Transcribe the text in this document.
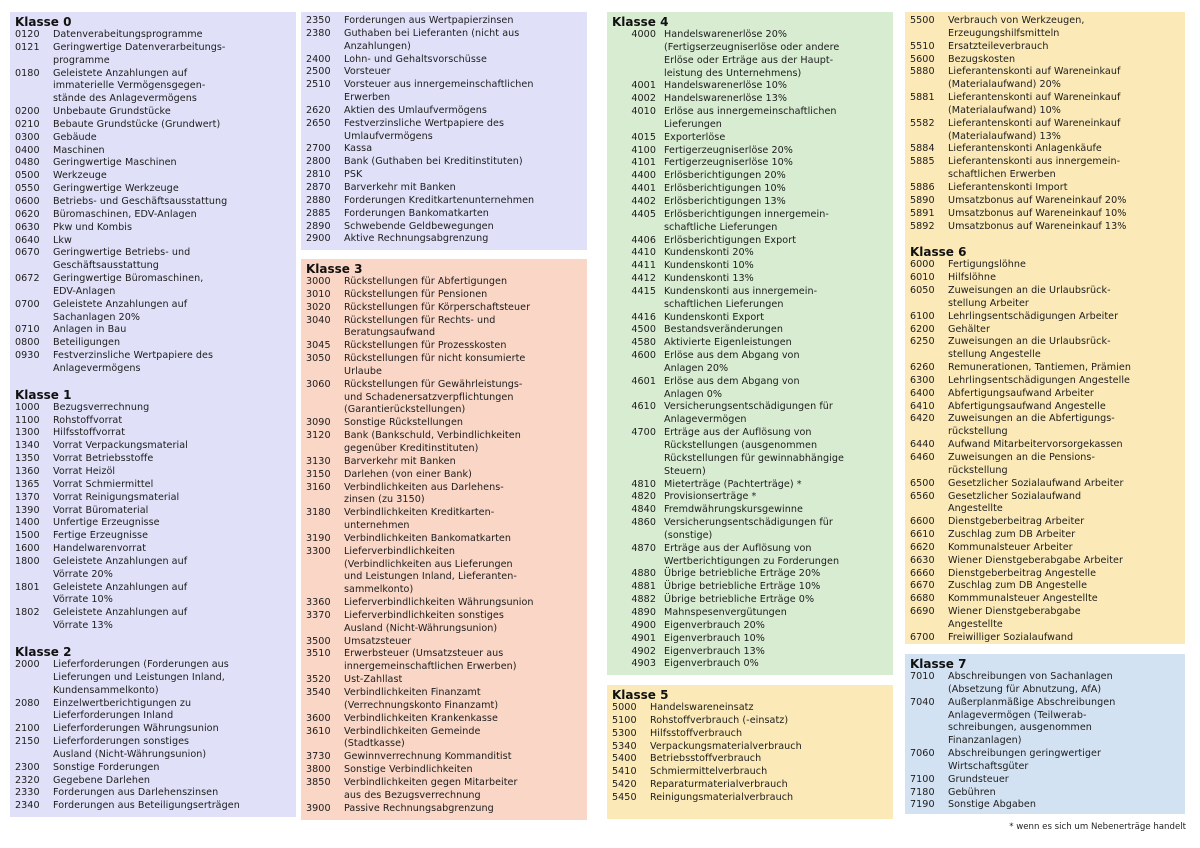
Klasse 0
0120	Datenverabeitungsprogramme
0121	Geringwertige Datenverarbeitungs-
programme
0180	Geleistete Anzahlungen auf
immaterielle Vermögensgegen-
stände des Anlagevermögens
0200	Unbebaute Grundstücke
0210	Bebaute Grundstücke (Grundwert)
0300	Gebäude
0400	Maschinen
0480	Geringwertige Maschinen
0500	Werkzeuge
0550	Geringwertige Werkzeuge
0600	Betriebs- und Geschäftsausstattung
0620	Büromaschinen, EDV-Anlagen
0630	Pkw und Kombis
0640	Lkw
0670	Geringwertige Betriebs- und
Geschäftsausstattung
0672	Geringwertige Büromaschinen,
EDV-Anlagen
0700	Geleistete Anzahlungen auf
Sachanlagen 20%
0710	Anlagen in Bau
0800	Beteiligungen
0930	Festverzinsliche Wertpapiere des
Anlagevermögens
Klasse 1
1000	Bezugsverrechnung
1100	Rohstoffvorrat
1300	Hilfsstoffvorrat
1340	Vorrat Verpackungsmaterial
1350	Vorrat Betriebsstoffe
1360	Vorrat Heizöl
1365	Vorrat Schmiermittel
1370	Vorrat Reinigungsmaterial
1390	Vorrat Büromaterial
1400	Unfertige Erzeugnisse
1500	Fertige Erzeugnisse
1600	Handelwarenvorrat
1800	Geleistete Anzahlungen auf
Vörrate 20%
1801	Geleistete Anzahlungen auf
Vörrate 10%
1802	Geleistete Anzahlungen auf
Vörrate 13%
Klasse 2
2000	Lieferforderungen (Forderungen aus
Lieferungen und Leistungen Inland,
Kundensammelkonto)
2080	Einzelwertberichtigungen zu
Lieferforderungen Inland
2100	Lieferforderungen Währungsunion
2150	Lieferforderungen sonstiges
Ausland (Nicht-Währungsunion)
2300	Sonstige Forderungen
2320	Gegebene Darlehen
2330	Forderungen aus Darlehenszinsen
2340	Forderungen aus Beteiligungserträgen
2350	Forderungen aus Wertpapierzinsen
2380	Guthaben bei Lieferanten (nicht aus
Anzahlungen)
2400	Lohn- und Gehaltsvorschüsse
2500	Vorsteuer
2510	Vorsteuer aus innergemeinschaftlichen
Erwerben
2620	Aktien des Umlaufvermögens
2650	Festverzinsliche Wertpapiere des
Umlaufvermögens
2700	Kassa
2800	Bank (Guthaben bei Kreditinstituten)
2810	PSK
2870	Barverkehr mit Banken
2880	Forderungen Kreditkartenunternehmen
2885	Forderungen Bankomatkarten
2890	Schwebende Geldbewegungen
2900	Aktive Rechnungsabgrenzung
Klasse 3
3000	Rückstellungen für Abfertigungen
3010	Rückstellungen für Pensionen
3020	Rückstellungen für Körperschaftsteuer
3040	Rückstellungen für Rechts- und
Beratungsaufwand
3045	Rückstellungen für Prozesskosten
3050	Rückstellungen für nicht konsumierte
Urlaube
3060	Rückstellungen für Gewährleistungs-
und Schadenersatzverpflichtungen
(Garantierückstellungen)
3090	Sonstige Rückstellungen
3120	Bank (Bankschuld, Verbindlichkeiten
gegenüber Kreditinstituten)
3130	Barverkehr mit Banken
3150	Darlehen (von einer Bank)
3160	Verbindlichkeiten aus Darlehens-
zinsen (zu 3150)
3180	Verbindlichkeiten Kreditkarten-
unternehmen
3190	Verbindlichkeiten Bankomatkarten
3300	Lieferverbindlichkeiten
(Verbindlichkeiten aus Lieferungen
und Leistungen Inland, Lieferanten-
sammelkonto)
3360	Lieferverbindlichkeiten Währungsunion
3370	Lieferverbindlichkeiten sonstiges
Ausland (Nicht-Währungsunion)
3500	Umsatzsteuer
3510	Erwerbsteuer (Umsatzsteuer aus
innergemeinschaftlichen Erwerben)
3520	Ust-Zahllast
3540	Verbindlichkeiten Finanzamt
(Verrechnungskonto Finanzamt)
3600	Verbindlichkeiten Krankenkasse
3610	Verbindlichkeiten Gemeinde
(Stadtkasse)
3730	Gewinnverrechnung Kommanditist
3800	Sonstige Verbindlichkeiten
3850	Verbindlichkeiten gegen Mitarbeiter
aus des Bezugsverrechnung
3900	Passive Rechnungsabgrenzung
Klasse 4
4000 Handelswarenerlöse 20%
(Fertigserzeugniserlöse oder andere
Erlöse oder Erträge aus der Haupt-
leistung des Unternehmens)
4001 Handelswarenerlöse 10%
4002 Handelswarenerlöse 13%
4010 Erlöse aus innergemeinschaftlichen
Lieferungen
4015 Exporterlöse
4100 Fertigerzeugniserlöse 20%
4101 Fertigerzeugniserlöse 10%
4400 Erlösberichtigungen 20%
4401 Erlösberichtigungen 10%
4402 Erlösberichtigungen 13%
4405 Erlösberichtigungen innergemein-
schaftliche Lieferungen
4406 Erlösberichtigungen Export
4410 Kundenskonti 20%
4411 Kundenskonti 10%
4412 Kundenskonti 13%
4415 Kundenskonti aus innergemein-
schaftlichen Lieferungen
4416 Kundenskonti Export
4500 Bestandsveränderungen
4580 Aktivierte Eigenleistungen
4600 Erlöse aus dem Abgang von
Anlagen 20%
4601 Erlöse aus dem Abgang von
Anlagen 0%
4610 Versicherungsentschädigungen für
Anlagevermögen
4700 Erträge aus der Auflösung von
Rückstellungen (ausgenommen
Rückstellungen für gewinnabhängige
Steuern)
4810 Mieterträge (Pachterträge) *
4820 Provisionserträge *
4840 Fremdwährungskursgewinne
4860 Versicherungsentschädigungen für
(sonstige)
4870 Erträge aus der Auflösung von
Wertberichtigungen zu Forderungen
4880 Übrige betriebliche Erträge 20%
4881 Übrige betriebliche Erträge 10%
4882 Übrige betriebliche Erträge 0%
4890 Mahnspesenvergütungen
4900 Eigenverbrauch 20%
4901 Eigenverbrauch 10%
4902 Eigenverbrauch 13%
4903 Eigenverbrauch 0%
Klasse 5
5000	Handelswareneinsatz
5100	Rohstoffverbrauch (-einsatz)
5300	Hilfsstoffverbrauch
5340	Verpackungsmaterialverbrauch
5400	Betriebsstoffverbrauch
5410	Schmiermittelverbrauch
5420	Reparaturmaterialverbrauch
5450	Reinigungsmaterialverbrauch
5500	Verbrauch von Werkzeugen,
Erzeugungshilfsmitteln
5510	Ersatzteileverbrauch
5600	Bezugskosten
5880	Lieferantenskonti auf Wareneinkauf
(Materialaufwand) 20%
5881	Lieferantenskonti auf Wareneinkauf
(Materialaufwand) 10%
5582	Lieferantenskonti auf Wareneinkauf
(Materialaufwand) 13%
5884	Lieferantenskonti Anlagenkäufe
5885	Lieferantenskonti aus innergemein-
schaftlichen Erwerben
5886	Lieferantenskonti Import
5890	Umsatzbonus auf Wareneinkauf 20%
5891	Umsatzbonus auf Wareneinkauf 10%
5892	Umsatzbonus auf Wareneinkauf 13%
Klasse 6
6000	Fertigungslöhne
6010	Hilfslöhne
6050	Zuweisungen an die Urlaubsrück-
stellung Arbeiter
6100	Lehrlingsentschädigungen Arbeiter
6200	Gehälter
6250	Zuweisungen an die Urlaubsrück-
stellung Angestelle
6260	Remunerationen, Tantiemen, Prämien
6300	Lehrlingsentschädigungen Angestelle
6400	Abfertigungsaufwand Arbeiter
6410	Abfertigungsaufwand Angestelle
6420	Zuweisungen an die Abfertigungs-
rückstellung
6440	Aufwand Mitarbeitervorsorgekassen
6460	Zuweisungen an die Pensions-
rückstellung
6500	Gesetzlicher Sozialaufwand Arbeiter
6560	Gesetzlicher Sozialaufwand
Angestellte
6600	Dienstgeberbeitrag Arbeiter
6610	Zuschlag zum DB Arbeiter
6620	Kommunalsteuer Arbeiter
6630	Wiener Dienstgeberabgabe Arbeiter
6660	Dienstgeberbeitrag Angestelle
6670	Zuschlag zum DB Angestelle
6680	Kommmunalsteuer Angestellte
6690	Wiener Dienstgeberabgabe
Angestellte
6700	Freiwilliger Sozialaufwand
Klasse 7
7010	Abschreibungen von Sachanlagen
(Absetzung für Abnutzung, AfA)
7040	Außerplanmäßige Abschreibungen
Anlagevermögen (Teilwerab-
schreibungen, ausgenommen
Finanzanlagen)
7060	Abschreibungen geringwertiger
Wirtschaftsgüter
7100	Grundsteuer
7180	Gebühren
7190	Sonstige Abgaben
* wenn es sich um Nebenerträge handelt
